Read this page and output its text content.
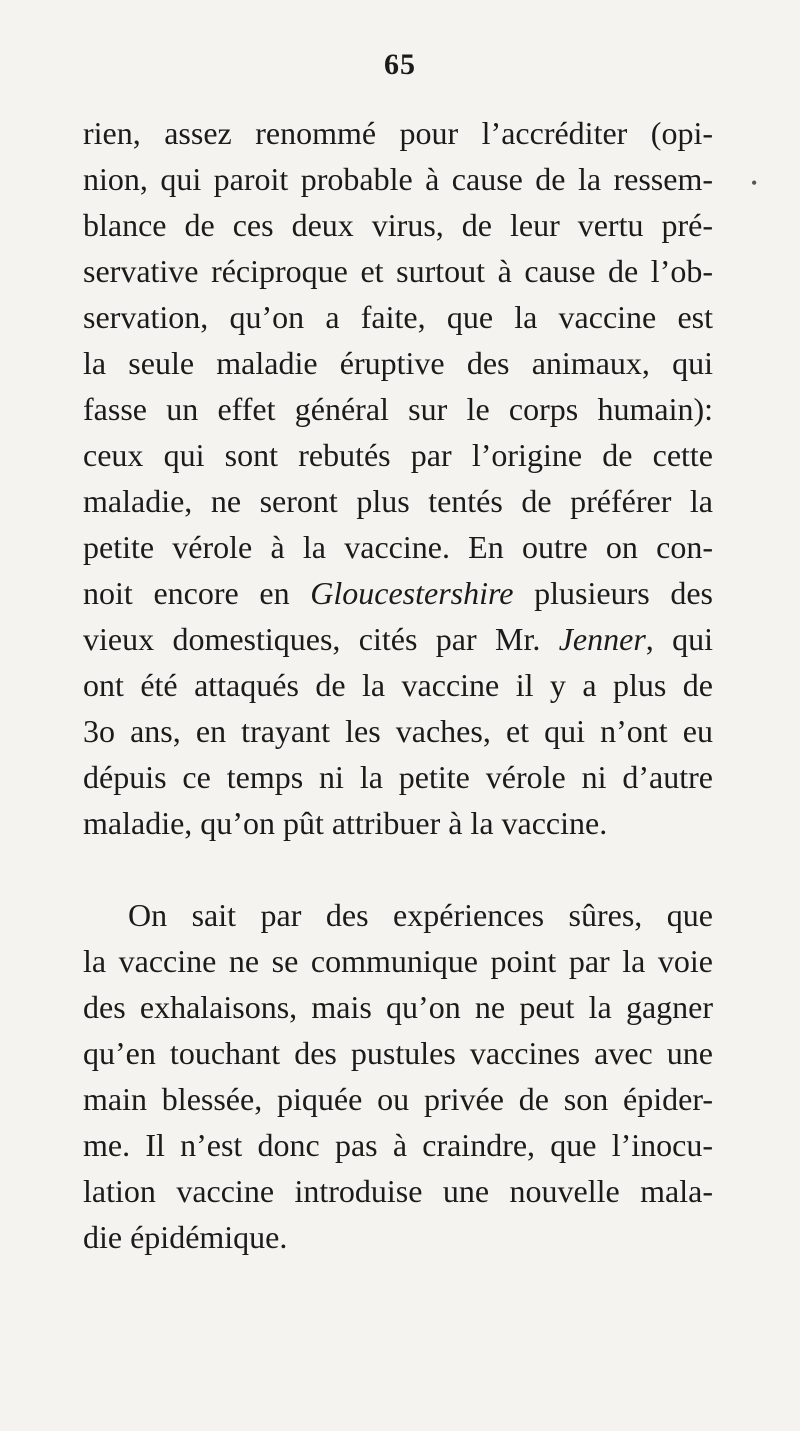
65
•
rien, assez renommé pour l’accréditer (opi-
nion, qui paroit probable à cause de la ressem-
blance de ces deux virus, de leur vertu pré-
servative réciproque et surtout à cause de l’ob-
servation, qu’on a faite, que la vaccine est
la seule maladie éruptive des animaux, qui
fasse un effet général sur le corps humain):
ceux qui sont rebutés par l’origine de cette
maladie, ne seront plus tentés de préférer la
petite vérole à la vaccine. En outre on con-
noit encore en Gloucestershire plusieurs des
vieux domestiques, cités par Mr. Jenner, qui
ont été attaqués de la vaccine il y a plus de
3o ans, en trayant les vaches, et qui n’ont eu
dépuis ce temps ni la petite vérole ni d’autre
maladie, qu’on pût attribuer à la vaccine.
On sait par des expériences sûres, que
la vaccine ne se communique point par la voie
des exhalaisons, mais qu’on ne peut la gagner
qu’en touchant des pustules vaccines avec une
main blessée, piquée ou privée de son épider-
me. Il n’est donc pas à craindre, que l’inocu-
lation vaccine introduise une nouvelle mala-
die épidémique.
